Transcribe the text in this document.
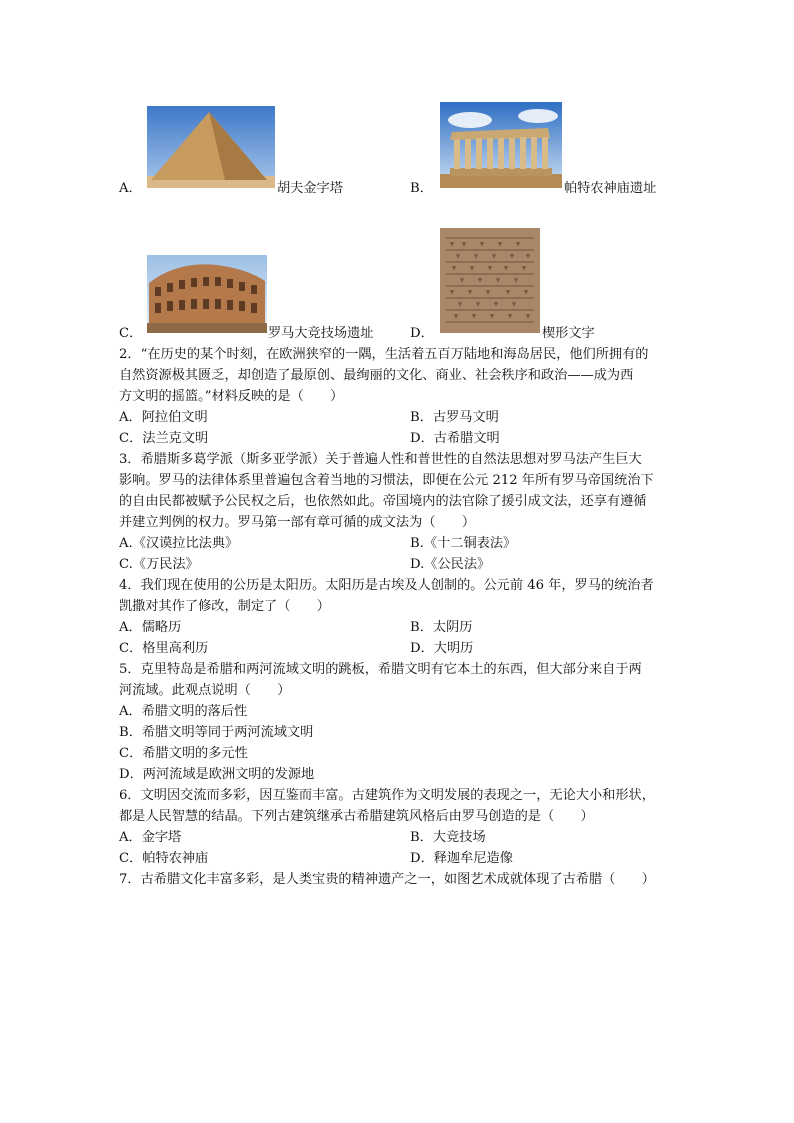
A．	胡夫金字塔	B．	帕特农神庙遗址
C．	罗马大竞技场遗址	D．	楔形文字
2．“在历史的某个时刻，在欧洲狭窄的一隅，生活着五百万陆地和海岛居民，他们所拥有的
自然资源极其匮乏，却创造了最原创、最绚丽的文化、商业、社会秩序和政治——成为西
方文明的摇篮。”材料反映的是（　　）
A．阿拉伯文明	B．古罗马文明
C．法兰克文明	D．古希腊文明
3．希腊斯多葛学派（斯多亚学派）关于普遍人性和普世性的自然法思想对罗马法产生巨大
影响。罗马的法律体系里普遍包含着当地的习惯法，即便在公元 212 年所有罗马帝国统治下
的自由民都被赋予公民权之后，也依然如此。帝国境内的法官除了援引成文法，还享有遵循
并建立判例的权力。罗马第一部有章可循的成文法为（　　）
A.《汉谟拉比法典》	B.《十二铜表法》
C.《万民法》	D.《公民法》
4．我们现在使用的公历是太阳历。太阳历是古埃及人创制的。公元前 46 年，罗马的统治者
凯撒对其作了修改，制定了（　　）
A．儒略历	B．太阴历
C．格里高利历	D．大明历
5．克里特岛是希腊和两河流域文明的跳板，希腊文明有它本土的东西，但大部分来自于两
河流域。此观点说明（　　）
A．希腊文明的落后性
B．希腊文明等同于两河流域文明
C．希腊文明的多元性
D．两河流域是欧洲文明的发源地
6．文明因交流而多彩，因互鉴而丰富。古建筑作为文明发展的表现之一，无论大小和形状，
都是人民智慧的结晶。下列古建筑继承古希腊建筑风格后由罗马创造的是（　　）
A．金字塔	B．大竞技场
C．帕特农神庙	D．释迦牟尼造像
7．古希腊文化丰富多彩，是人类宝贵的精神遗产之一，如图艺术成就体现了古希腊（　　）
